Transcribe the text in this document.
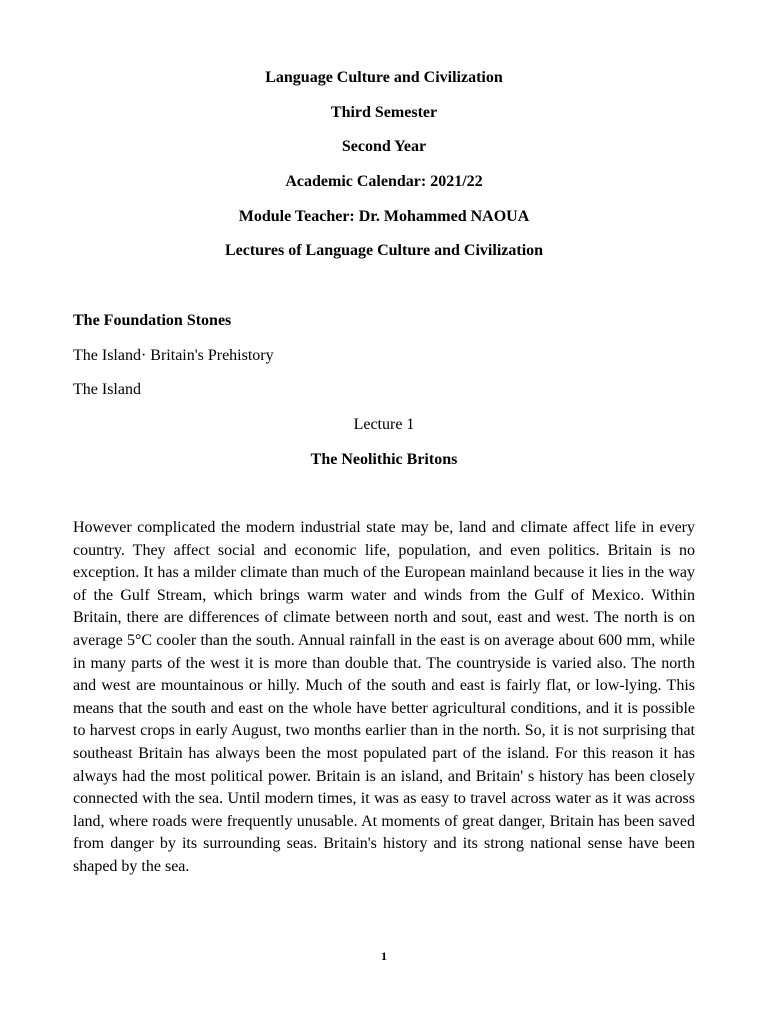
Language Culture and Civilization
Third Semester
Second Year
Academic Calendar: 2021/22
Module Teacher: Dr. Mohammed NAOUA
Lectures of Language Culture and Civilization
The Foundation Stones
The Island· Britain's Prehistory
The Island
Lecture 1
The Neolithic Britons
However complicated the modern industrial state may be, land and climate affect life in every country. They affect social and economic life, population, and even politics. Britain is no exception. It has a milder climate than much of the European mainland because it lies in the way of the Gulf Stream, which brings warm water and winds from the Gulf of Mexico. Within Britain, there are differences of climate between north and sout, east and west. The north is on average 5°C cooler than the south. Annual rainfall in the east is on average about 600 mm, while in many parts of the west it is more than double that. The countryside is varied also. The north and west are mountainous or hilly. Much of the south and east is fairly flat, or low-lying. This means that the south and east on the whole have better agricultural conditions, and it is possible to harvest crops in early August, two months earlier than in the north. So, it is not surprising that southeast Britain has always been the most populated part of the island. For this reason it has always had the most political power. Britain is an island, and Britain' s history has been closely connected with the sea. Until modern times, it was as easy to travel across water as it was across land, where roads were frequently unusable. At moments of great danger, Britain has been saved from danger by its surrounding seas. Britain's history and its strong national sense have been shaped by the sea.
1
